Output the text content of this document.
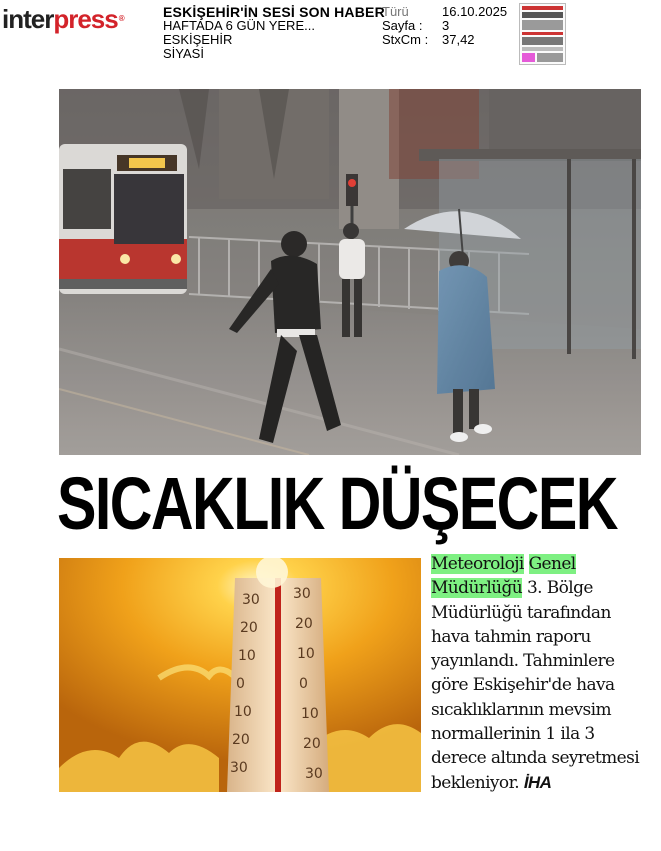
interpress®	ESKİŞEHİR'İN SESİ SON HABER
HAFTADA 6 GÜN YERE...
ESKİŞEHİR
SİYASİ
Türü	16.10.2025
Sayfa :	3
StxCm :	37,42
SICAKLIK DÜŞECEK
30
20
10
0
10
20
30
30
20
10
0
10
20
30
Meteoroloji Genel Müdürlüğü 3. Bölge Müdürlüğü tarafından hava tahmin raporu yayınlandı. Tahminlere göre Eskişehir'de hava sıcaklıklarının mevsim normallerinin 1 ila 3 derece altında seyretmesi bekleniyor. İHA
